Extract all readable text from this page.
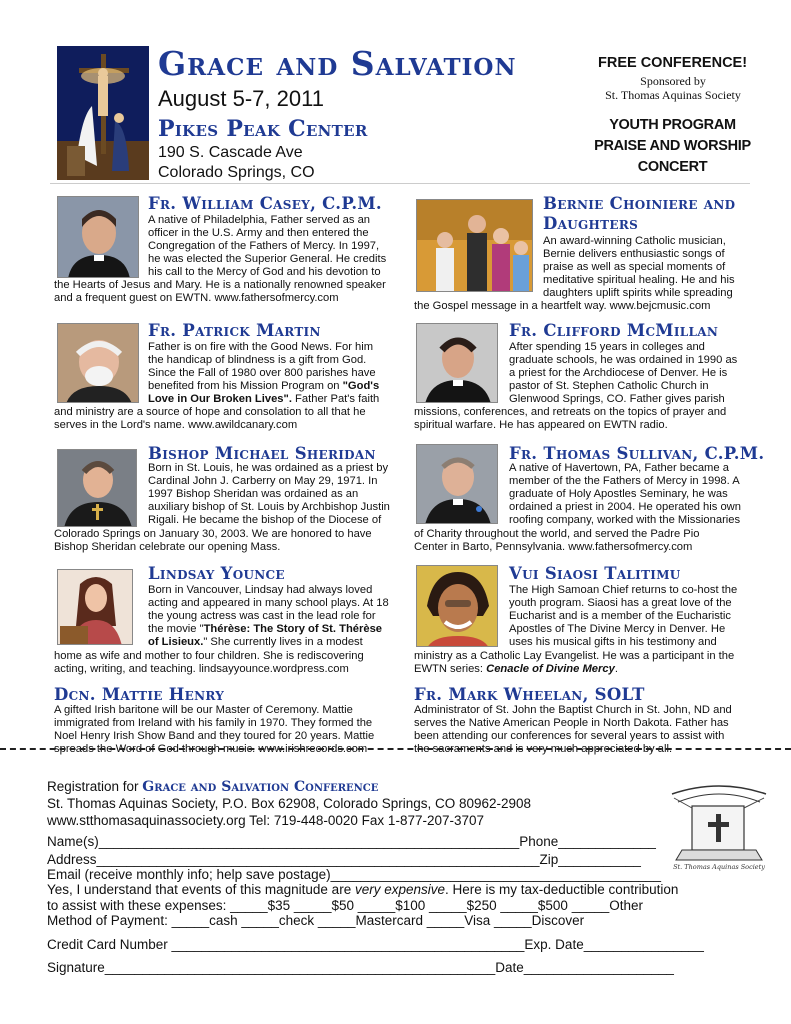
Grace and Salvation
August 5-7, 2011
Pikes Peak Center
190 S. Cascade Ave
Colorado Springs, CO
FREE CONFERENCE!
Sponsored by
St. Thomas Aquinas Society
YOUTH PROGRAM
PRAISE AND WORSHIP
CONCERT
Fr. William Casey, C.P.M.
A native of Philadelphia, Father served as an
officer in the U.S. Army and then entered the
Congregation of the Fathers of Mercy. In 1997,
he was elected the Superior General. He credits
his call to the Mercy of God and his devotion to
the Hearts of Jesus and Mary. He is a nationally renowned speaker
and a frequent guest on EWTN. www.fathersofmercy.com
Fr. Patrick Martin
Father is on fire with the Good News. For him
the handicap of blindness is a gift from God.
Since the Fall of 1980 over 800 parishes have
benefited from his Mission Program on "God's
Love in Our Broken Lives". Father Pat's faith
and ministry are a source of hope and consolation to all that he
serves in the Lord's name. www.awildcanary.com
Bishop Michael Sheridan
Born in St. Louis, he was ordained as a priest by
Cardinal John J. Carberry on May 29, 1971. In
1997 Bishop Sheridan was ordained as an
auxiliary bishop of St. Louis by Archbishop Justin
Rigali. He became the bishop of the Diocese of
Colorado Springs on January 30, 2003. We are honored to have
Bishop Sheridan celebrate our opening Mass.
Lindsay Younce
Born in Vancouver, Lindsay had always loved
acting and appeared in many school plays. At 18
the young actress was cast in the lead role for
the movie "Thérèse: The Story of St. Thérèse
of Lisieux." She currently lives in a modest
home as wife and mother to four children. She is rediscovering
acting, writing, and teaching. lindsayyounce.wordpress.com
Dcn. Mattie Henry
A gifted Irish baritone will be our Master of Ceremony. Mattie
immigrated from Ireland with his family in 1970. They formed the
Noel Henry Irish Show Band and they toured for 20 years. Mattie
spreads the Word of God through music. www.irishrecords.com
Bernie Choiniere and
Daughters
An award-winning Catholic musician,
Bernie delivers enthusiastic songs of
praise as well as special moments of
meditative spiritual healing. He and his
daughters uplift spirits while spreading
the Gospel message in a heartfelt way. www.bejcmusic.com
Fr. Clifford McMillan
After spending 15 years in colleges and
graduate schools, he was ordained in 1990 as
a priest for the Archdiocese of Denver. He is
pastor of St. Stephen Catholic Church in
Glenwood Springs, CO. Father gives parish
missions, conferences, and retreats on the topics of prayer and
spiritual warfare. He has appeared on EWTN radio.
Fr. Thomas Sullivan, C.P.M.
A native of Havertown, PA, Father became a
member of the the Fathers of Mercy in 1998. A
graduate of Holy Apostles Seminary, he was
ordained a priest in 2004. He operated his own
roofing company, worked with the Missionaries
of Charity throughout the world, and served the Padre Pio
Center in Barto, Pennsylvania. www.fathersofmercy.com
Vui Siaosi Talitimu
The High Samoan Chief returns to co-host the
youth program. Siaosi has a great love of the
Eucharist and is a member of the Eucharistic
Apostles of The Divine Mercy in Denver. He
uses his musical gifts in his testimony and
ministry as a Catholic Lay Evangelist. He was a participant in the
EWTN series: Cenacle of Divine Mercy.
Fr. Mark Wheelan, SOLT
Administrator of St. John the Baptist Church in St. John, ND and
serves the Native American People in North Dakota. Father has
been attending our conferences for several years to assist with
the sacraments and is very much appreciated by all.
Registration for Grace and Salvation Conference
St. Thomas Aquinas Society, P.O. Box 62908, Colorado Springs, CO 80962-2908
www.stthomasaquinassociety.org Tel: 719-448-0020 Fax 1-877-207-3707
Name(s)________________________________________________________Phone_____________
Address___________________________________________________________Zip___________
Email (receive monthly info; help save postage)____________________________________________
Yes, I understand that events of this magnitude are very expensive. Here is my tax-deductible contribution
to assist with these expenses: _____$35 _____$50 _____$100 _____$250 _____$500 _____Other
Method of Payment: _____cash _____check _____Mastercard _____Visa _____Discover
Credit Card Number _______________________________________________Exp. Date________________
Signature____________________________________________________Date____________________
St. Thomas Aquinas Society
